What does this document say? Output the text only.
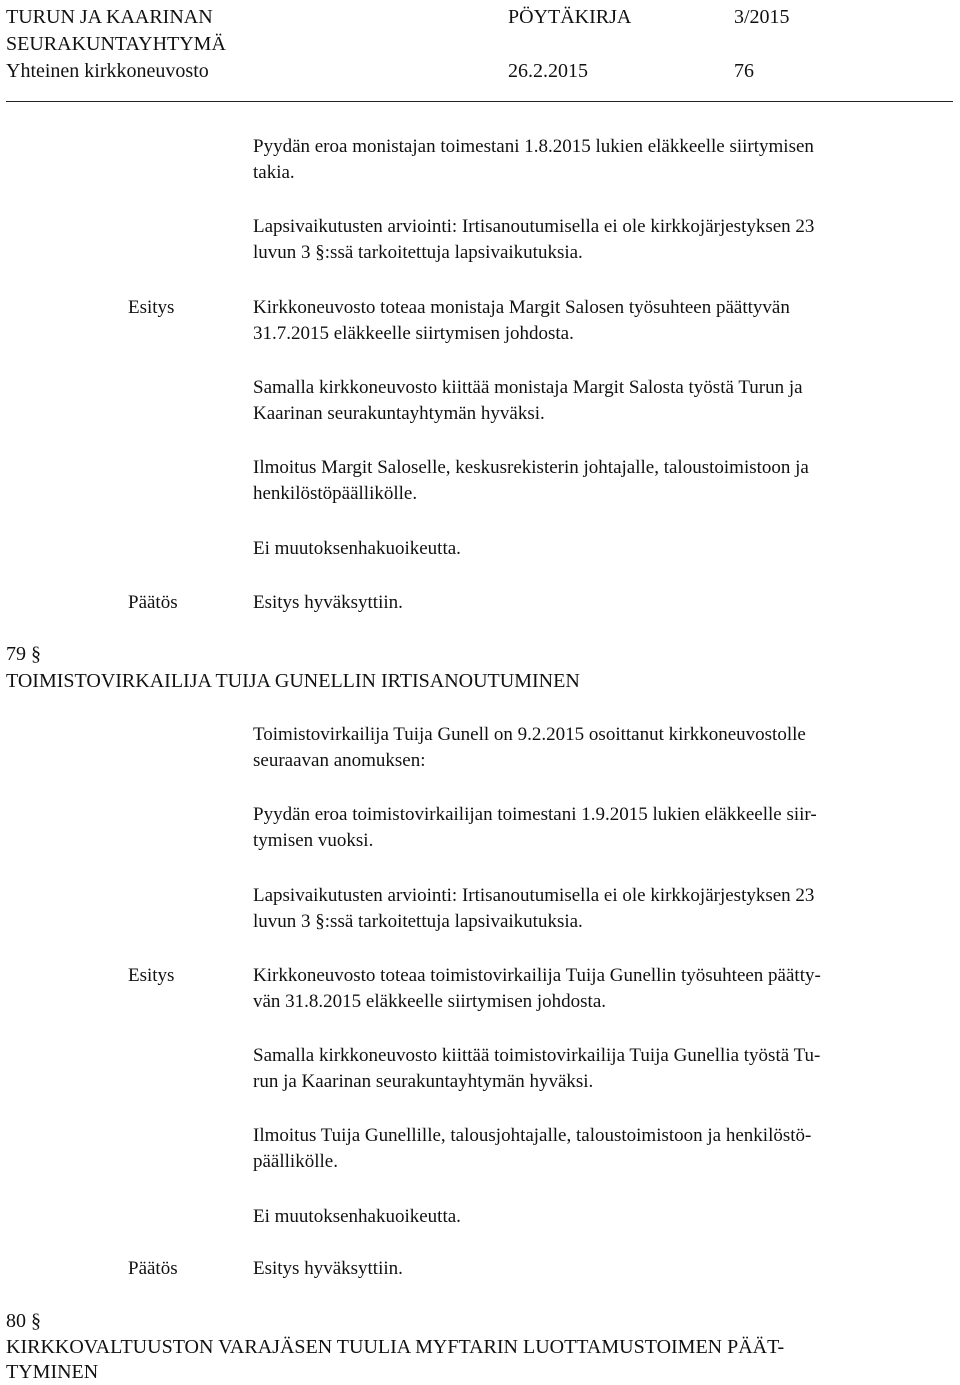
TURUN JA KAARINAN	PÖYTÄKIRJA	3/2015
SEURAKUNTAYHTYMÄ
Yhteinen kirkkoneuvosto	26.2.2015	76
Pyydän eroa monistajan toimestani 1.8.2015 lukien eläkkeelle siirtymisen
takia.
Lapsivaikutusten arviointi: Irtisanoutumisella ei ole kirkkojärjestyksen 23
luvun 3 §:ssä tarkoitettuja lapsivaikutuksia.
Esitys	Kirkkoneuvosto toteaa monistaja Margit Salosen työsuhteen päättyvän
31.7.2015 eläkkeelle siirtymisen johdosta.
Samalla kirkkoneuvosto kiittää monistaja Margit Salosta työstä Turun ja
Kaarinan seurakuntayhtymän hyväksi.
Ilmoitus Margit Saloselle, keskusrekisterin johtajalle, taloustoimistoon ja
henkilöstöpäällikölle.
Ei muutoksenhakuoikeutta.
Päätös	Esitys hyväksyttiin.
79 §
TOIMISTOVIRKAILIJA TUIJA GUNELLIN IRTISANOUTUMINEN
Toimistovirkailija Tuija Gunell on 9.2.2015 osoittanut kirkkoneuvostolle
seuraavan anomuksen:
Pyydän eroa toimistovirkailijan toimestani 1.9.2015 lukien eläkkeelle siir-
tymisen vuoksi.
Lapsivaikutusten arviointi: Irtisanoutumisella ei ole kirkkojärjestyksen 23
luvun 3 §:ssä tarkoitettuja lapsivaikutuksia.
Esitys	Kirkkoneuvosto toteaa toimistovirkailija Tuija Gunellin työsuhteen päätty-
vän 31.8.2015 eläkkeelle siirtymisen johdosta.
Samalla kirkkoneuvosto kiittää toimistovirkailija Tuija Gunellia työstä Tu-
run ja Kaarinan seurakuntayhtymän hyväksi.
Ilmoitus Tuija Gunellille, talousjohtajalle, taloustoimistoon ja henkilöstö-
päällikölle.
Ei muutoksenhakuoikeutta.
Päätös	Esitys hyväksyttiin.
80 §
KIRKKOVALTUUSTON VARAJÄSEN TUULIA MYFTARIN LUOTTAMUSTOIMEN PÄÄT-
TYMINEN
